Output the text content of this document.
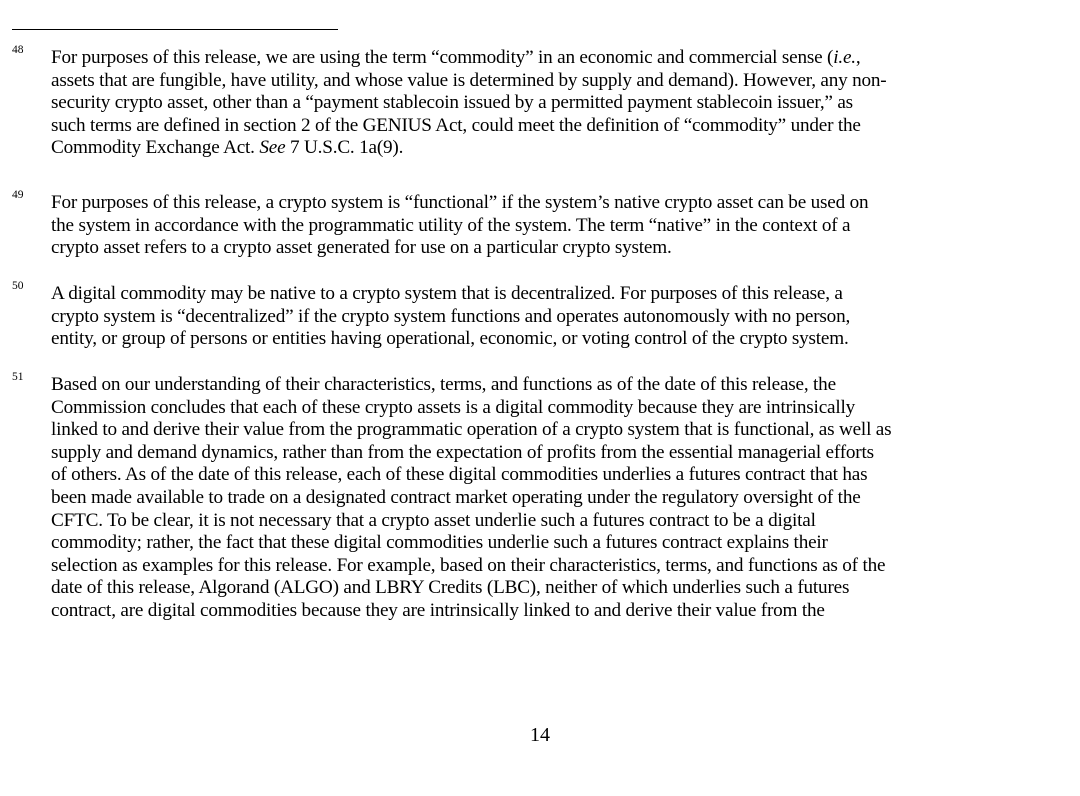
48 For purposes of this release, we are using the term “commodity” in an economic and commercial sense (i.e.,
assets that are fungible, have utility, and whose value is determined by supply and demand). However, any non-
security crypto asset, other than a “payment stablecoin issued by a permitted payment stablecoin issuer,” as
such terms are defined in section 2 of the GENIUS Act, could meet the definition of “commodity” under the
Commodity Exchange Act. See 7 U.S.C. 1a(9).
49 For purposes of this release, a crypto system is “functional” if the system’s native crypto asset can be used on
the system in accordance with the programmatic utility of the system. The term “native” in the context of a
crypto asset refers to a crypto asset generated for use on a particular crypto system.
50 A digital commodity may be native to a crypto system that is decentralized. For purposes of this release, a
crypto system is “decentralized” if the crypto system functions and operates autonomously with no person,
entity, or group of persons or entities having operational, economic, or voting control of the crypto system.
51 Based on our understanding of their characteristics, terms, and functions as of the date of this release, the
Commission concludes that each of these crypto assets is a digital commodity because they are intrinsically
linked to and derive their value from the programmatic operation of a crypto system that is functional, as well as
supply and demand dynamics, rather than from the expectation of profits from the essential managerial efforts
of others. As of the date of this release, each of these digital commodities underlies a futures contract that has
been made available to trade on a designated contract market operating under the regulatory oversight of the
CFTC. To be clear, it is not necessary that a crypto asset underlie such a futures contract to be a digital
commodity; rather, the fact that these digital commodities underlie such a futures contract explains their
selection as examples for this release. For example, based on their characteristics, terms, and functions as of the
date of this release, Algorand (ALGO) and LBRY Credits (LBC), neither of which underlies such a futures
contract, are digital commodities because they are intrinsically linked to and derive their value from the
14
